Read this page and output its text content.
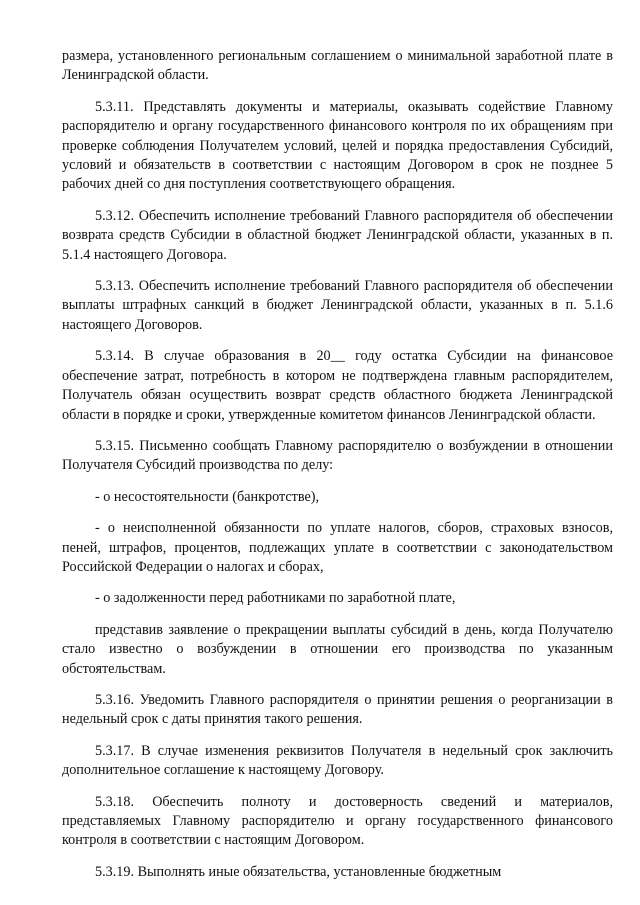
размера, установленного региональным соглашением о минимальной заработной плате в Ленинградской области.

5.3.11. Представлять документы и материалы, оказывать содействие Главному распорядителю и органу государственного финансового контроля по их обращениям при проверке соблюдения Получателем условий, целей и порядка предоставления Субсидий, условий и обязательств в соответствии с настоящим Договором в срок не позднее 5 рабочих дней со дня поступления соответствующего обращения.

5.3.12. Обеспечить исполнение требований Главного распорядителя об обеспечении возврата средств Субсидии в областной бюджет Ленинградской области, указанных в п. 5.1.4 настоящего Договора.

5.3.13. Обеспечить исполнение требований Главного распорядителя об обеспечении выплаты штрафных санкций в бюджет Ленинградской области, указанных в п. 5.1.6 настоящего Договоров.

5.3.14. В случае образования в 20__ году остатка Субсидии на финансовое обеспечение затрат, потребность в котором не подтверждена главным распорядителем, Получатель обязан осуществить возврат средств областного бюджета Ленинградской области в порядке и сроки, утвержденные комитетом финансов Ленинградской области.

5.3.15. Письменно сообщать Главному распорядителю о возбуждении в отношении Получателя Субсидий производства по делу:

- о несостоятельности (банкротстве),

- о неисполненной обязанности по уплате налогов, сборов, страховых взносов, пеней, штрафов, процентов, подлежащих уплате в соответствии с законодательством Российской Федерации о налогах и сборах,

- о задолженности перед работниками по заработной плате,

представив заявление о прекращении выплаты субсидий в день, когда Получателю стало известно о возбуждении в отношении его производства по указанным обстоятельствам.

5.3.16. Уведомить Главного распорядителя о принятии решения о реорганизации в недельный срок с даты принятия такого решения.

5.3.17. В случае изменения реквизитов Получателя в недельный срок заключить дополнительное соглашение к настоящему Договору.

5.3.18. Обеспечить полноту и достоверность сведений и материалов, представляемых Главному распорядителю и органу государственного финансового контроля в соответствии с настоящим Договором.

5.3.19. Выполнять иные обязательства, установленные бюджетным
